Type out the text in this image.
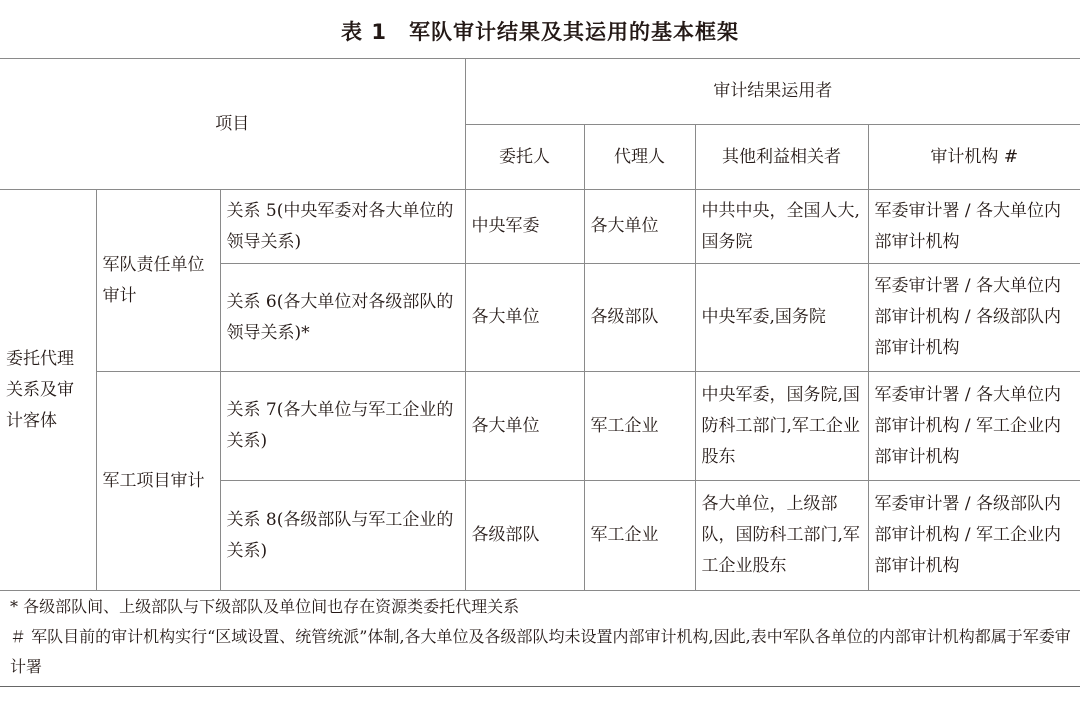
表 1 军队审计结果及其运用的基本框架
项目			审计结果运用者			
			委托人	代理人	其他利益相关者	审计机构 #
委托代理关系及审计客体	军队责任单位审计	关系 5(中央军委对各大单位的领导关系)	中央军委	各大单位	中共中央，全国人大,国务院	军委审计署 / 各大单位内部审计机构
		关系 6(各大单位对各级部队的领导关系)*	各大单位	各级部队	中央军委,国务院	军委审计署 / 各大单位内部审计机构 / 各级部队内部审计机构
	军工项目审计	关系 7(各大单位与军工企业的关系)	各大单位	军工企业	中央军委，国务院,国防科工部门,军工企业股东	军委审计署 / 各大单位内部审计机构 / 军工企业内部审计机构
		关系 8(各级部队与军工企业的关系)	各级部队	军工企业	各大单位，上级部队，国防科工部门,军工企业股东	军委审计署 / 各级部队内部审计机构 / 军工企业内部审计机构

* 各级部队间、上级部队与下级部队及单位间也存在资源类委托代理关系

＃ 军队目前的审计机构实行“区域设置、统管统派”体制,各大单位及各级部队均未设置内部审计机构,因此,表中军队各单位的内部审计机构都属于军委审计署
